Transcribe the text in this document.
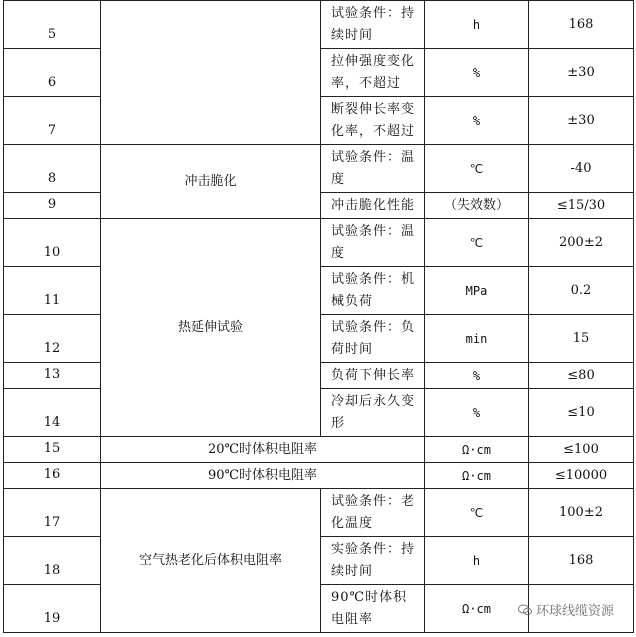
5		试验条件：持续时间	h	168
6		拉伸强度变化率，不超过	%	±30
7		断裂伸长率变化率，不超过	%	±30
8	冲击脆化	试验条件：温度	℃	-40
9		冲击脆化性能	（失效数）	≤15/30
10	热延伸试验	试验条件：温度	℃	200±2
11		试验条件：机械负荷	MPa	0.2
12		试验条件：负荷时间	min	15
13		负荷下伸长率	%	≤80
14		冷却后永久变形	%	≤10
15	20℃时体积电阻率		Ω·cm	≤100
16	90℃时体积电阻率		Ω·cm	≤10000
17	空气热老化后体积电阻率	试验条件：老化温度	℃	100±2
18		实验条件：持续时间	h	168
19		90℃时体积电阻率	Ω·cm		环球线缆资源
